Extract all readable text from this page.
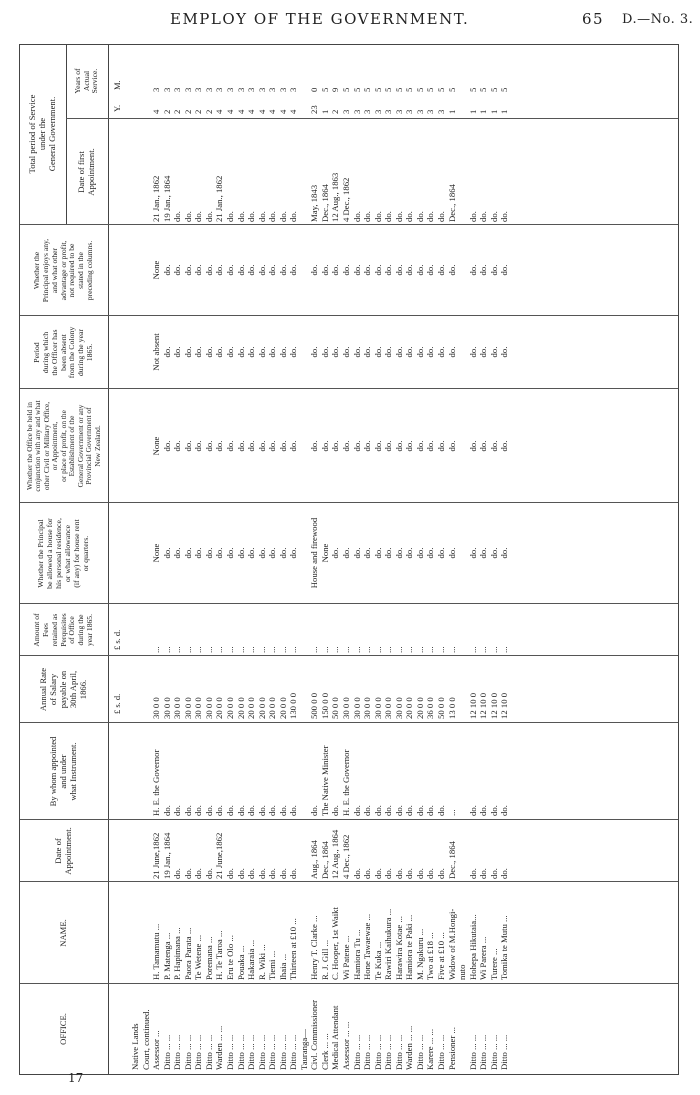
EMPLOY OF THE GOVERNMENT.	65 D.—No. 3.
OFFICE.
NAME.
Date of
Appointment.
By whom appointed
and under
what Instrument.
Annual Rate
of Salary
payable on
30th April,
1866.
Amount of
Fees
retained as
Perquisites
of Office
during the
year 1865.
Whether the Principal
be allowed a house for
his personal residence,
or what allowance
(if any) for house rent
or quarters.
Whether the Office be held in
conjunction with any and what
other Civil or Military Office,
or Appointment,
or place of profit, on the
Establishment of the
General Government or any
Provincial Government of
New Zealand.
Period
during which
the Officer has
been absent
from the Colony
during the year
1865.
Whether the
Principal enjoys any,
and what other
advantage or profit,
not required to be
stated in the
preceding columns.
Total period of Service
under the
General Government.
Date of first
Appointment.
Years of
Actual
Service.
£ s. d.
£ s. d.
Y.
M.
Native Lands Court, continued. Assessor ...
H. Tamamutu ...
21 June,1862
H. E. the Governor
30 0 0
...
None
None
Not absent
None
21 Jan., 1862
4
3
Ditto ... ...
P. Matenga ...
19 Jan., 1864
do.
30 0 0
...
do.
do.
do.
do.
19 Jan., 1864
2
3
Ditto ... ...
P. Hapimana ...
do.
do.
30 0 0
...
do.
do.
do.
do.
do.
2
3
Ditto ... ...
Paora Parata ...
do.
do.
30 0 0
...
do.
do.
do.
do.
do.
2
3
Ditto ... ...
Te Wetene ...
do.
do.
30 0 0
...
do.
do.
do.
do.
do.
2
3
Ditto ... ...
Poremana ...
do.
do.
30 0 0
...
do.
do.
do.
do.
do.
2
3
Warden ... ...
H. Te Taroa ...
21 June,1862
do.
20 0 0
...
do.
do.
do.
do.
21 Jan., 1862
4
3
Ditto ... ...
Eru te Olo ...
do.
do.
20 0 0
...
do.
do.
do.
do.
do.
4
3
Ditto ... ...
Pouaka ...
do.
do.
20 0 0
...
do.
do.
do.
do.
do.
4
3
Ditto ... ...
Hakaraia ...
do.
do.
20 0 0
...
do.
do.
do.
do.
do.
4
3
Ditto ... ...
R. Wiki ...
do.
do.
20 0 0
...
do.
do.
do.
do.
do.
4
3
Ditto ... ...
Tiemi ...
do.
do.
20 0 0
...
do.
do.
do.
do.
do.
4
3
Ditto ... ...
Ihaia ...
do.
do.
20 0 0
...
do.
do.
do.
do.
do.
4
3
Ditto ... ...
Thirteen at £10 ...
do.
do.
130 0 0
...
do.
do.
do.
do.
do.
4
3
Tauranga— Civl. Commissioner
Henry T. Clarke ...
Aug., 1864
do.
500 0 0
...
House and firewood
do.
do.
do.
May, 1843
23
0
Clerk ... ...
R. J. Gill ...
Dec., 1864
The Native Minister
150 0 0
...
None
do.
do.
do.
Dec., 1864
1
5
Medical Attendant
C. Hooper, 1st Waikt
12 Aug., 1864
do.
50 0 0
...
do.
do.
do.
do.
12 Aug., 1863
2
9
Assessor ... ...
Wi Patene ...
4 Dec., 1862
H. E. the Governor
30 0 0
...
do.
do.
do.
do.
4 Dec., 1862
3
5
Ditto ... ...
Hamiora Tu ...
do.
do.
30 0 0
...
do.
do.
do.
do.
do.
3
5
Ditto ... ...
Hone Tawaewae ...
do.
do.
30 0 0
...
do.
do.
do.
do.
do.
3
5
Ditto ... ...
Te Kuka ...
do.
do.
30 0 0
...
do.
do.
do.
do.
do.
3
5
Ditto ... ...
Rawiri Kaihukura ...
do.
do.
30 0 0
...
do.
do.
do.
do.
do.
3
5
Ditto ... ...
Harawira Kotae ...
do.
do.
30 0 0
...
do.
do.
do.
do.
do.
3
5
Warden ... ...
Hamiora te Paki ...
do.
do.
20 0 0
...
do.
do.
do.
do.
do.
3
5
Ditto ... ...
M. Ngakuru ...
do.
do.
20 0 0
...
do.
do.
do.
do.
do.
3
5
Karere ... ...
Two at £18 ...
do.
do.
36 0 0
...
do.
do.
do.
do.
do.
3
5
Ditto ... ...
Five at £10 ...
do.
do.
50 0 0
...
do.
do.
do.
do.
do.
3
5
Pensioner ...
Widow of M.Hongi-
Dec., 1864
...
13 0 0
...
do.
do.
do.
do.
Dec., 1864
1
5
nuto
Ditto ... ...
Hohepa Hikutaia...
do.
do.
12 10 0
...
do.
do.
do.
do.
do.
1
5
Ditto ... ...
Wi Parera ...
do.
do.
12 10 0
...
do.
do.
do.
do.
do.
1
5
Ditto ... ...
Turere ...
do.
do.
12 10 0
...
do.
do.
do.
do.
do.
1
5
Ditto ... ...
Tomika te Mutu ...
do.
do.
12 10 0
...
do.
do.
do.
do.
do.
1
5
17
